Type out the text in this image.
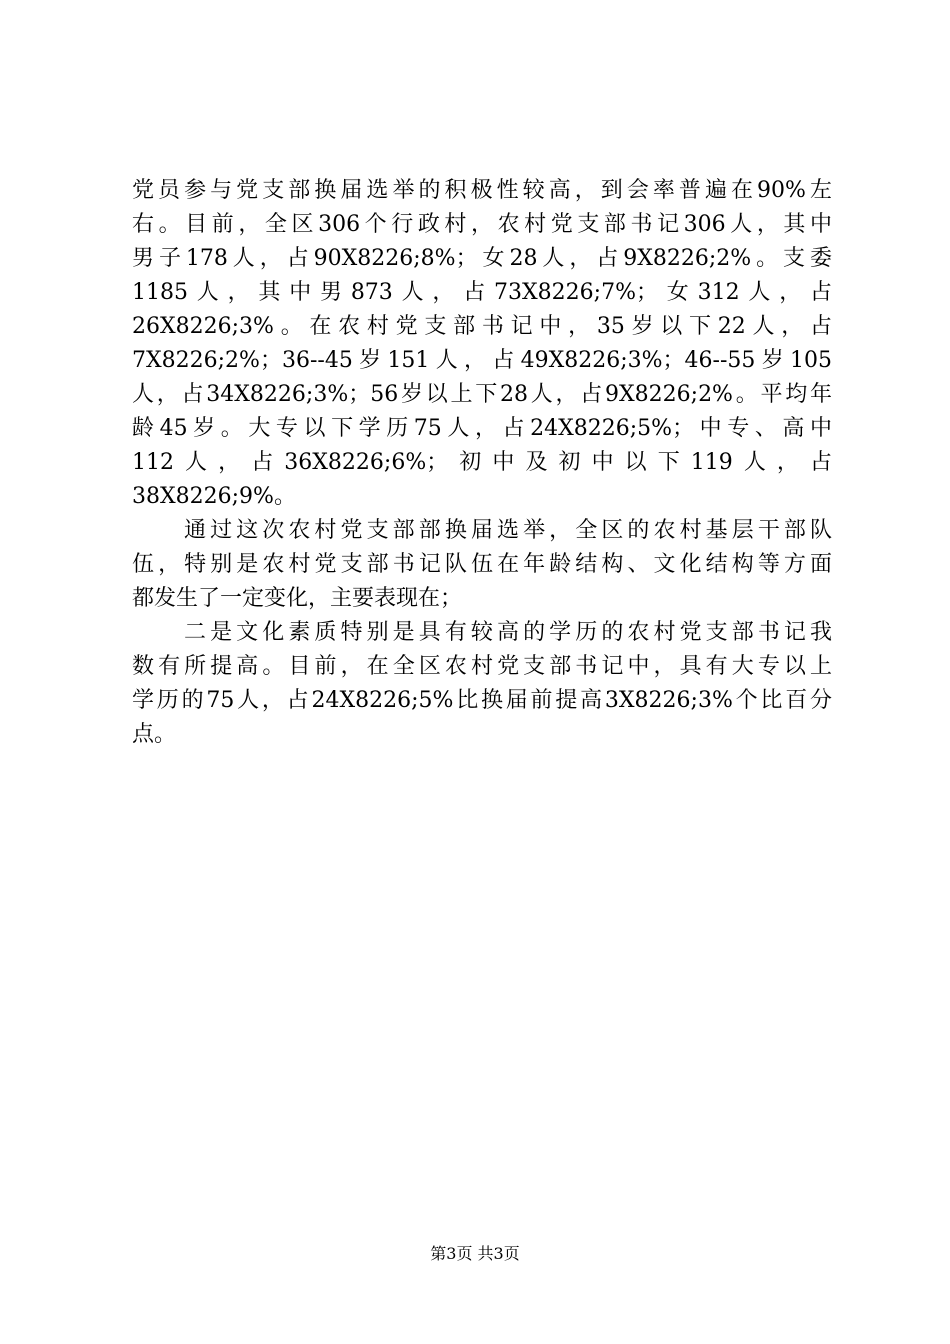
党员参与党支部换届选举的积极性较高，到会率普遍在90%左
右。目前，全区306个行政村，农村党支部书记306人，其中
男子178人，占90X8226;8%；女28人，占9X8226;2%。支委
1185人，其中男873人，占73X8226;7%；女312人，占
26X8226;3%。在农村党支部书记中，35岁以下22人，占
7X8226;2%；36--45岁151人，占49X8226;3%；46--55岁105
人，占34X8226;3%；56岁以上下28人，占9X8226;2%。平均年
龄45岁。大专以下学历75人，占24X8226;5%；中专、高中
112人，占36X8226;6%；初中及初中以下119人，占
38X8226;9%。
通过这次农村党支部部换届选举，全区的农村基层干部队
伍，特别是农村党支部书记队伍在年龄结构、文化结构等方面
都发生了一定变化，主要表现在；
二是文化素质特别是具有较高的学历的农村党支部书记我
数有所提高。目前，在全区农村党支部书记中，具有大专以上
学历的75人，占24X8226;5%比换届前提高3X8226;3%个比百分
点。
第3页 共3页
